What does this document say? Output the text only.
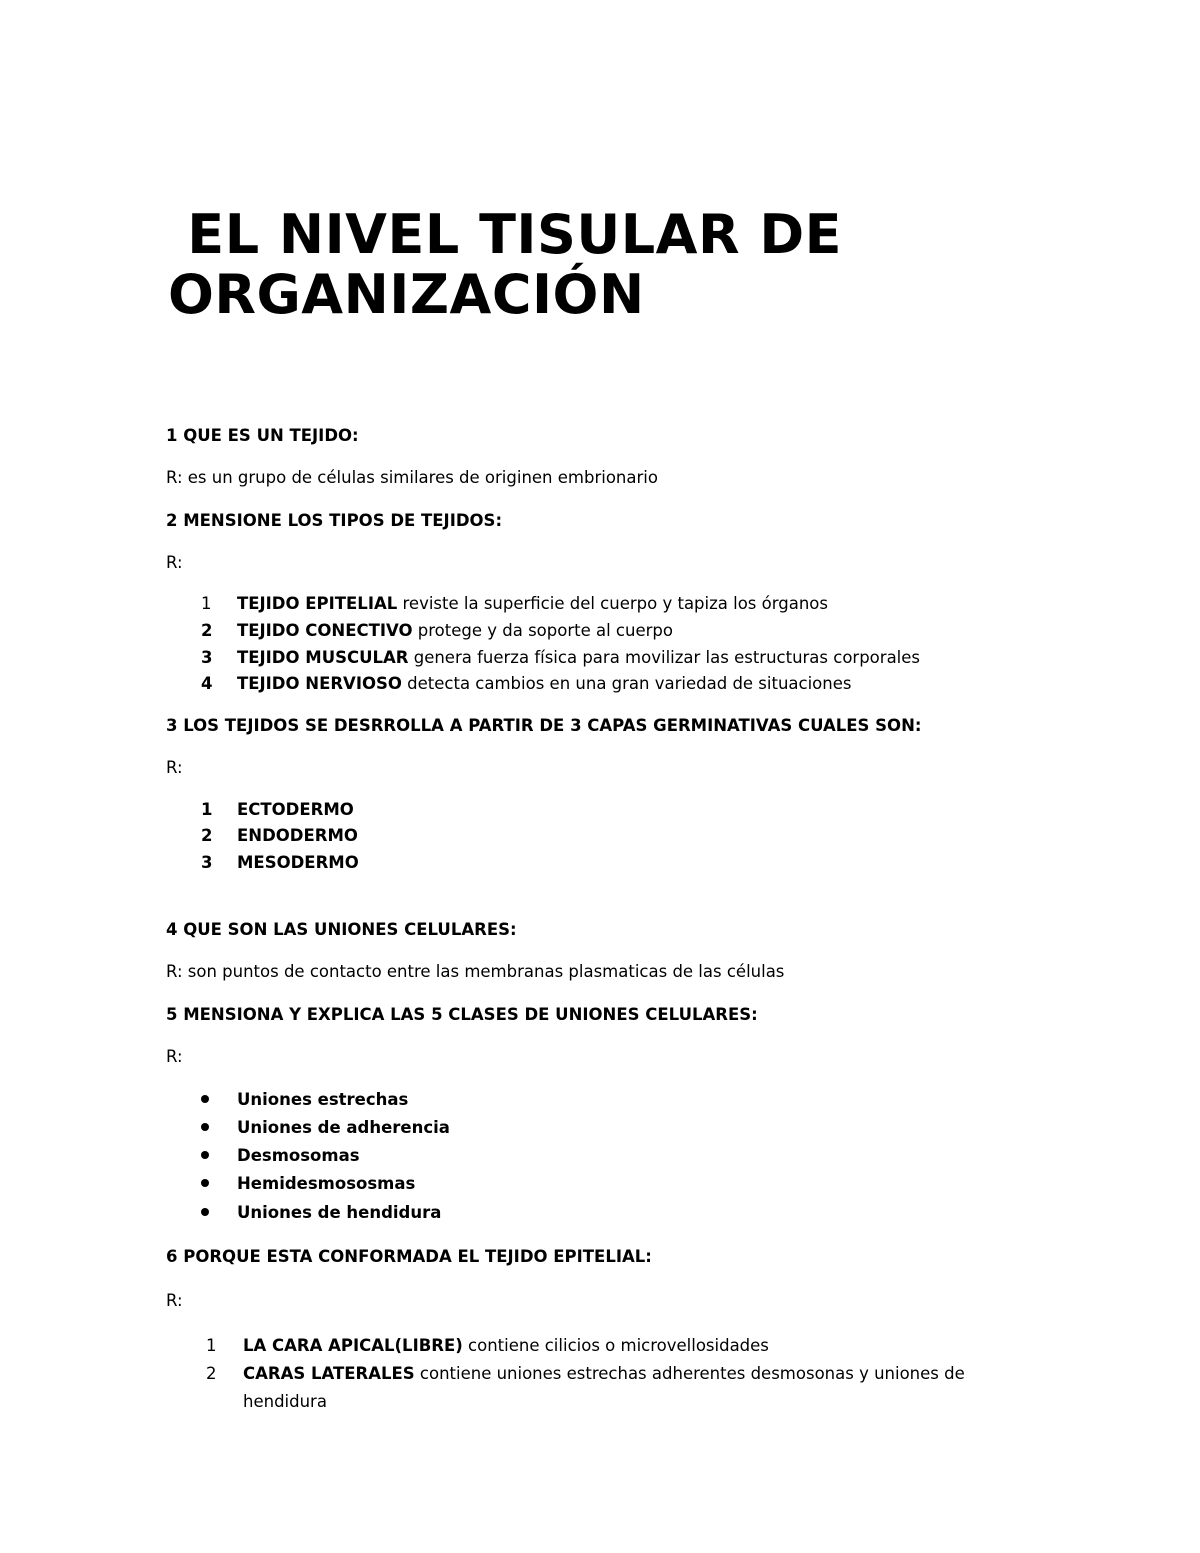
EL NIVEL TISULAR DE
ORGANIZACIÓN

1 QUE ES UN TEJIDO:

R: es un grupo de células similares de originen embrionario

2 MENSIONE LOS TIPOS DE TEJIDOS:

R:

1	TEJIDO EPITELIAL reviste la superficie del cuerpo y tapiza los órganos
2	TEJIDO CONECTIVO protege y da soporte al cuerpo
3	TEJIDO MUSCULAR genera fuerza física para movilizar las estructuras corporales
4	TEJIDO NERVIOSO detecta cambios en una gran variedad de situaciones

3 LOS TEJIDOS SE DESRROLLA A PARTIR DE 3 CAPAS GERMINATIVAS CUALES SON:

R:

1	ECTODERMO
2	ENDODERMO
3	MESODERMO

4 QUE SON LAS UNIONES CELULARES:

R: son puntos de contacto entre las membranas plasmaticas de las células

5 MENSIONA Y EXPLICA LAS 5 CLASES DE UNIONES CELULARES:

R:

Uniones estrechas
Uniones de adherencia
Desmosomas
Hemidesmososmas
Uniones de hendidura

6 PORQUE ESTA CONFORMADA EL TEJIDO EPITELIAL:

R:

1	LA CARA APICAL(LIBRE) contiene cilicios o microvellosidades
2	CARAS LATERALES contiene uniones estrechas adherentes desmosonas y uniones de hendidura
